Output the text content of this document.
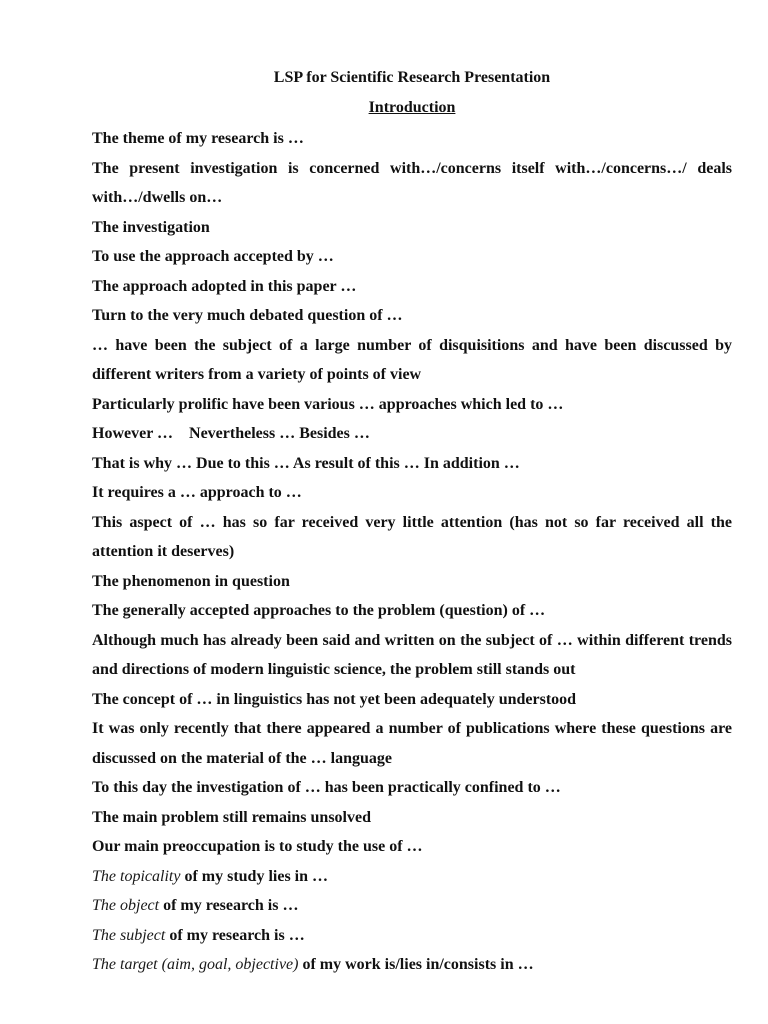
LSP for Scientific Research Presentation

Introduction

The theme of my research is …

The present investigation is concerned with…/concerns itself with…/concerns…/ deals with…/dwells on…

The investigation

To use the approach accepted by …

The approach adopted in this paper …

Turn to the very much debated question of …

… have been the subject of a large number of disquisitions and have been discussed by different writers from a variety of points of view

Particularly prolific have been various … approaches which led to …

However …    Nevertheless … Besides …

That is why … Due to this … As result of this … In addition …

It requires a … approach to …

This aspect of … has so far received very little attention (has not so far received all the attention it deserves)

The phenomenon in question

The generally accepted approaches to the problem (question) of …

Although much has already been said and written on the subject of … within different trends and directions of modern linguistic science, the problem still stands out

The concept of … in linguistics has not yet been adequately understood

It was only recently that there appeared a number of publications where these questions are discussed on the material of the … language

To this day the investigation of … has been practically confined to …

The main problem still remains unsolved

Our main preoccupation is to study the use of …

The topicality of my study lies in …

The object of my research is …

The subject of my research is …

The target (aim, goal, objective) of my work is/lies in/consists in …
